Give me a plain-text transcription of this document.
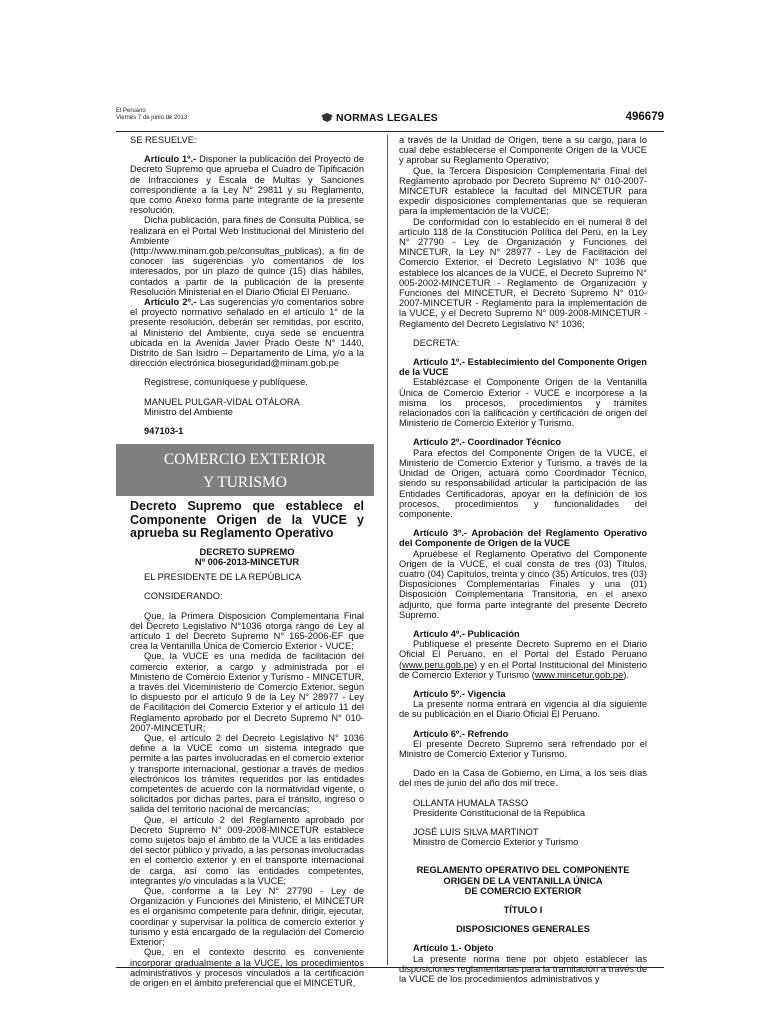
El Peruano
Viernes 7 de junio de 2013	NORMAS LEGALES	496679

SE RESUELVE:

Artículo 1º.- Disponer la publicación del Proyecto de Decreto Supremo que aprueba el Cuadro de Tipificación de Infracciones y Escala de Multas y Sanciones correspondiente a la Ley N° 29811 y su Reglamento, que como Anexo forma parte integrante de la presente resolución.

Dicha publicación, para fines de Consulta Pública, se realizará en el Portal Web Institucional del Ministerio del Ambiente (http://www.minam.gob.pe/consultas_publicas), a fin de conocer las sugerencias y/o comentarios de los interesados, por un plazo de quince (15) días hábiles, contados a partir de la publicación de la presente Resolución Ministerial en el Diario Oficial El Peruano.

Artículo 2º.- Las sugerencias y/o comentarios sobre el proyecto normativo señalado en el artículo 1° de la presente resolución, deberán ser remitidas, por escrito, al Ministerio del Ambiente, cuya sede se encuentra ubicada en la Avenida Javier Prado Oeste N° 1440, Distrito de San Isidro – Departamento de Lima, y/o a la dirección electrónica bioseguridad@minam.gob.pe

Regístrese, comuníquese y publíquese.

MANUEL PULGAR-VIDAL OTÁLORA

Ministro del Ambiente

947103-1

COMERCIO EXTERIOR
Y TURISMO
Decreto Supremo que establece el Componente Origen de la VUCE y aprueba su Reglamento Operativo

DECRETO SUPREMO

Nº 006-2013-MINCETUR

EL PRESIDENTE DE LA REPÚBLICA

CONSIDERANDO:

Que, la Primera Disposición Complementaria Final del Decreto Legislativo N°1036 otorga rango de Ley al artículo 1 del Decreto Supremo N° 165-2006-EF que crea la Ventanilla Única de Comercio Exterior - VUCE;

Que, la VUCE es una medida de facilitación del comercio exterior, a cargo y administrada por el Ministerio de Comercio Exterior y Turismo - MINCETUR, a través del Viceministerio de Comercio Exterior, según lo dispuesto por el artículo 9 de la Ley N° 28977 - Ley de Facilitación del Comercio Exterior y el artículo 11 del Reglamento aprobado por el Decreto Supremo N° 010-2007-MINCETUR;

Que, el artículo 2 del Decreto Legislativo N° 1036 define a la VUCE como un sistema integrado que permite a las partes involucradas en el comercio exterior y transporte internacional, gestionar a través de medios electrónicos los trámites requeridos por las entidades competentes de acuerdo con la normatividad vigente, o solicitados por dichas partes, para el tránsito, ingreso o salida del territorio nacional de mercancías;

Que, el artículo 2 del Reglamento aprobado por Decreto Supremo N° 009-2008-MINCETUR establece como sujetos bajo el ámbito de la VUCE a las entidades del sector público y privado, a las personas involucradas en el comercio exterior y en el transporte internacional de carga, así como las entidades competentes, integrantes y/o vinculadas a la VUCE;

Que, conforme a la Ley N° 27790 - Ley de Organización y Funciones del Ministerio, el MINCETUR es el organismo competente para definir, dirigir, ejecutar, coordinar y supervisar la política de comercio exterior y turismo y está encargado de la regulación del Comercio Exterior;

Que, en el contexto descrito es conveniente incorporar gradualmente a la VUCE, los procedimientos administrativos y procesos vinculados a la certificación de origen en el ámbito preferencial que el MINCETUR,

a través de la Unidad de Origen, tiene a su cargo, para lo cual debe establecerse el Componente Origen de la VUCE y aprobar su Reglamento Operativo;

Que, la Tercera Disposición Complementaria Final del Reglamento aprobado por Decreto Supremo N° 010-2007-MINCETUR establece la facultad del MINCETUR para expedir disposiciones complementarias que se requieran para la implementación de la VUCE;

De conformidad con lo establecido en el numeral 8 del artículo 118 de la Constitución Política del Perú, en la Ley N° 27790 - Ley de Organización y Funciones del MINCETUR, la Ley N° 28977 - Ley de Facilitación del Comercio Exterior, el Decreto Legislativo N° 1036 que establece los alcances de la VUCE, el Decreto Supremo N° 005-2002-MINCETUR - Reglamento de Organización y Funciones del MINCETUR, el Decreto Supremo N° 010-2007-MINCETUR - Reglamento para la implementación de la VUCE, y el Decreto Supremo N° 009-2008-MINCETUR - Reglamento del Decreto Legislativo N° 1036;

DECRETA:

Artículo 1º.- Establecimiento del Componente Origen de la VUCE

Establézcase el Componente Origen de la Ventanilla Única de Comercio Exterior - VUCE e incorpórese a la misma los procesos, procedimientos y trámites relacionados con la calificación y certificación de origen del Ministerio de Comercio Exterior y Turismo.

Artículo 2º.- Coordinador Técnico

Para efectos del Componente Origen de la VUCE, el Ministerio de Comercio Exterior y Turismo, a través de la Unidad de Origen, actuará como Coordinador Técnico, siendo su responsabilidad articular la participación de las Entidades Certificadoras, apoyar en la definición de los procesos, procedimientos y funcionalidades del componente.

Artículo 3º.- Aprobación del Reglamento Operativo del Componente de Origen de la VUCE

Apruébese el Reglamento Operativo del Componente Origen de la VUCE, el cual consta de tres (03) Títulos, cuatro (04) Capítulos, treinta y cinco (35) Artículos, tres (03) Disposiciones Complementarias Finales y una (01) Disposición Complementaria Transitoria, en el anexo adjunto, que forma parte integrante del presente Decreto Supremo.

Artículo 4º.- Publicación

Publíquese el presente Decreto Supremo en el Diario Oficial El Peruano, en el Portal del Estado Peruano (www.peru.gob.pe) y en el Portal Institucional del Ministerio de Comercio Exterior y Turismo (www.mincetur.gob.pe).

Artículo 5º.- Vigencia

La presente norma entrará en vigencia al día siguiente de su publicación en el Diario Oficial El Peruano.

Artículo 6º.- Refrendo

El presente Decreto Supremo será refrendado por el Ministro de Comercio Exterior y Turismo.

Dado en la Casa de Gobierno, en Lima, a los seis días del mes de junio del año dos mil trece.

OLLANTA HUMALA TASSO

Presidente Constitucional de la República

JOSÉ LUIS SILVA MARTINOT

Ministro de Comercio Exterior y Turismo

REGLAMENTO OPERATIVO DEL COMPONENTE

ORIGEN DE LA VENTANILLA ÚNICA

DE COMERCIO EXTERIOR

TÍTULO I

DISPOSICIONES GENERALES

Artículo 1.- Objeto

La presente norma tiene por objeto establecer las disposiciones reglamentarias para la tramitación a través de la VUCE de los procedimientos administrativos y
